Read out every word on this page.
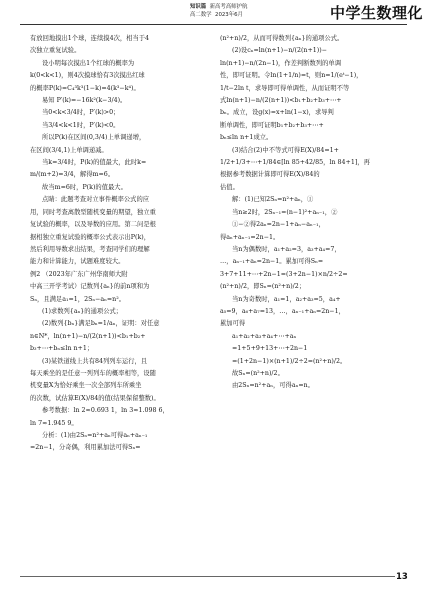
知识篇 新高考高师护航
高二数学 2023年6月	中学生数理化

有放回地摸出1个球，连续摸4次，相当于4

次独立重复试验。

设小明每次摸出1个红球的概率为

k(0<k<1)，则4次摸球恰有3次摸出红球

的概率P(k)=C₄³k³(1−k)=4(k³−k⁴)。

易知 P′(k)=−16k²(k−3/4)。

当0<k<3/4时，P′(k)>0；

当3/4<k<1时，P′(k)<0。

所以P(k)在区间(0,3/4)上单调递增，

在区间(3/4,1)上单调递减。

当k=3/4时，P(k)的值最大，此时k=

m/(m+2)=3/4，解得m=6。

故当m=6时，P(k)的值最大。

点睛：此题考查对立事件概率公式的应

用，同时考查离散型随机变量的期望，独立重

复试验的概率，以及导数的应用。第二问是根

据相独立重复试验的概率公式表示出P(k)，

然后利用导数求出结果，考查同学们的理解

能力和计算能力，试题难度较大。

例2 （2023年广东广州华南师大附

中高三开学考试）记数列{aₙ}的前n项和为

Sₙ，且满足a₁=1，2Sₙ−aₙ=n²。

(1)求数列{aₙ}的通项公式；

(2)数列{bₙ}满足bₙ=1/aₙ，证明：对任意

n∈N*，ln(n+1)−n/(2(n+1))<b₁+b₂+

b₃+⋯+bₙ≤ln n+1；

(3)某铁道线上共有84列列车运行，且

每天乘坐的是任意一列列车的概率相等，设随

机变量X为恰好乘坐一次全部列车所乘坐

的次数，试估算E(X)/84的值(结果保留整数)。

参考数据：ln 2≈0.693 1，ln 3≈1.098 6，

ln 7≈1.945 9。

分析：(1)由2Sₙ=n²+aₙ可得aₙ+aₙ₋₁

=2n−1，分奇偶，利用累加法可得Sₙ=

(n²+n)/2，从而可得数列{aₙ}的通项公式。

(2)设cₙ=ln(n+1)−n/(2(n+1))−

ln(n+1)−n/(2n−1)，作差判断数列的单调

性，即可证明。令ln(1+1/n)=t，则n=1/(eᵗ−1)，

1/t−2ln t，求导即可得单调性，从而证明不等

式ln(n+1)−n/(2(n+1))<b₁+b₂+b₃+⋯+

bₙ。成立，设g(x)=x+ln(1−x)，求导判

断单调性，即可证明b₁+b₂+b₃+⋯+

bₙ≤ln n+1成立。

(3)结合(2)中不等式可得E(X)/84=1+

1/2+1/3+⋯+1/84∈[ln 85+42/85，ln 84+1]，再

根据参考数据计算即可得E(X)/84的

估值。

解：(1)已知2Sₙ=n²+aₙ，①

当n≥2时，2Sₙ₋₁=(n−1)²+aₙ₋₁，②

①−②得2aₙ=2n−1+aₙ−aₙ₋₁，

得aₙ+aₙ₋₁=2n−1。

当n为偶数时，a₁+a₂=3，a₃+a₄=7，

…，aₙ₋₁+aₙ=2n−1。累加可得Sₙ=

3+7+11+⋯+2n−1=(3+2n−1)×n/2÷2=

(n²+n)/2，即Sₙ=(n²+n)/2；

当n为奇数时，a₁=1，a₂+a₃=5，a₄+

a₅=9，a₆+a₇=13，…，aₙ₋₁+aₙ=2n−1，

累加可得

a₁+a₂+a₃+a₄+⋯+aₙ

=1+5+9+13+⋯+2n−1

=(1+2n−1)×(n+1)/2÷2=(n²+n)/2。

故Sₙ=(n²+n)/2。

由2Sₙ=n²+aₙ，可得aₙ=n。

13
